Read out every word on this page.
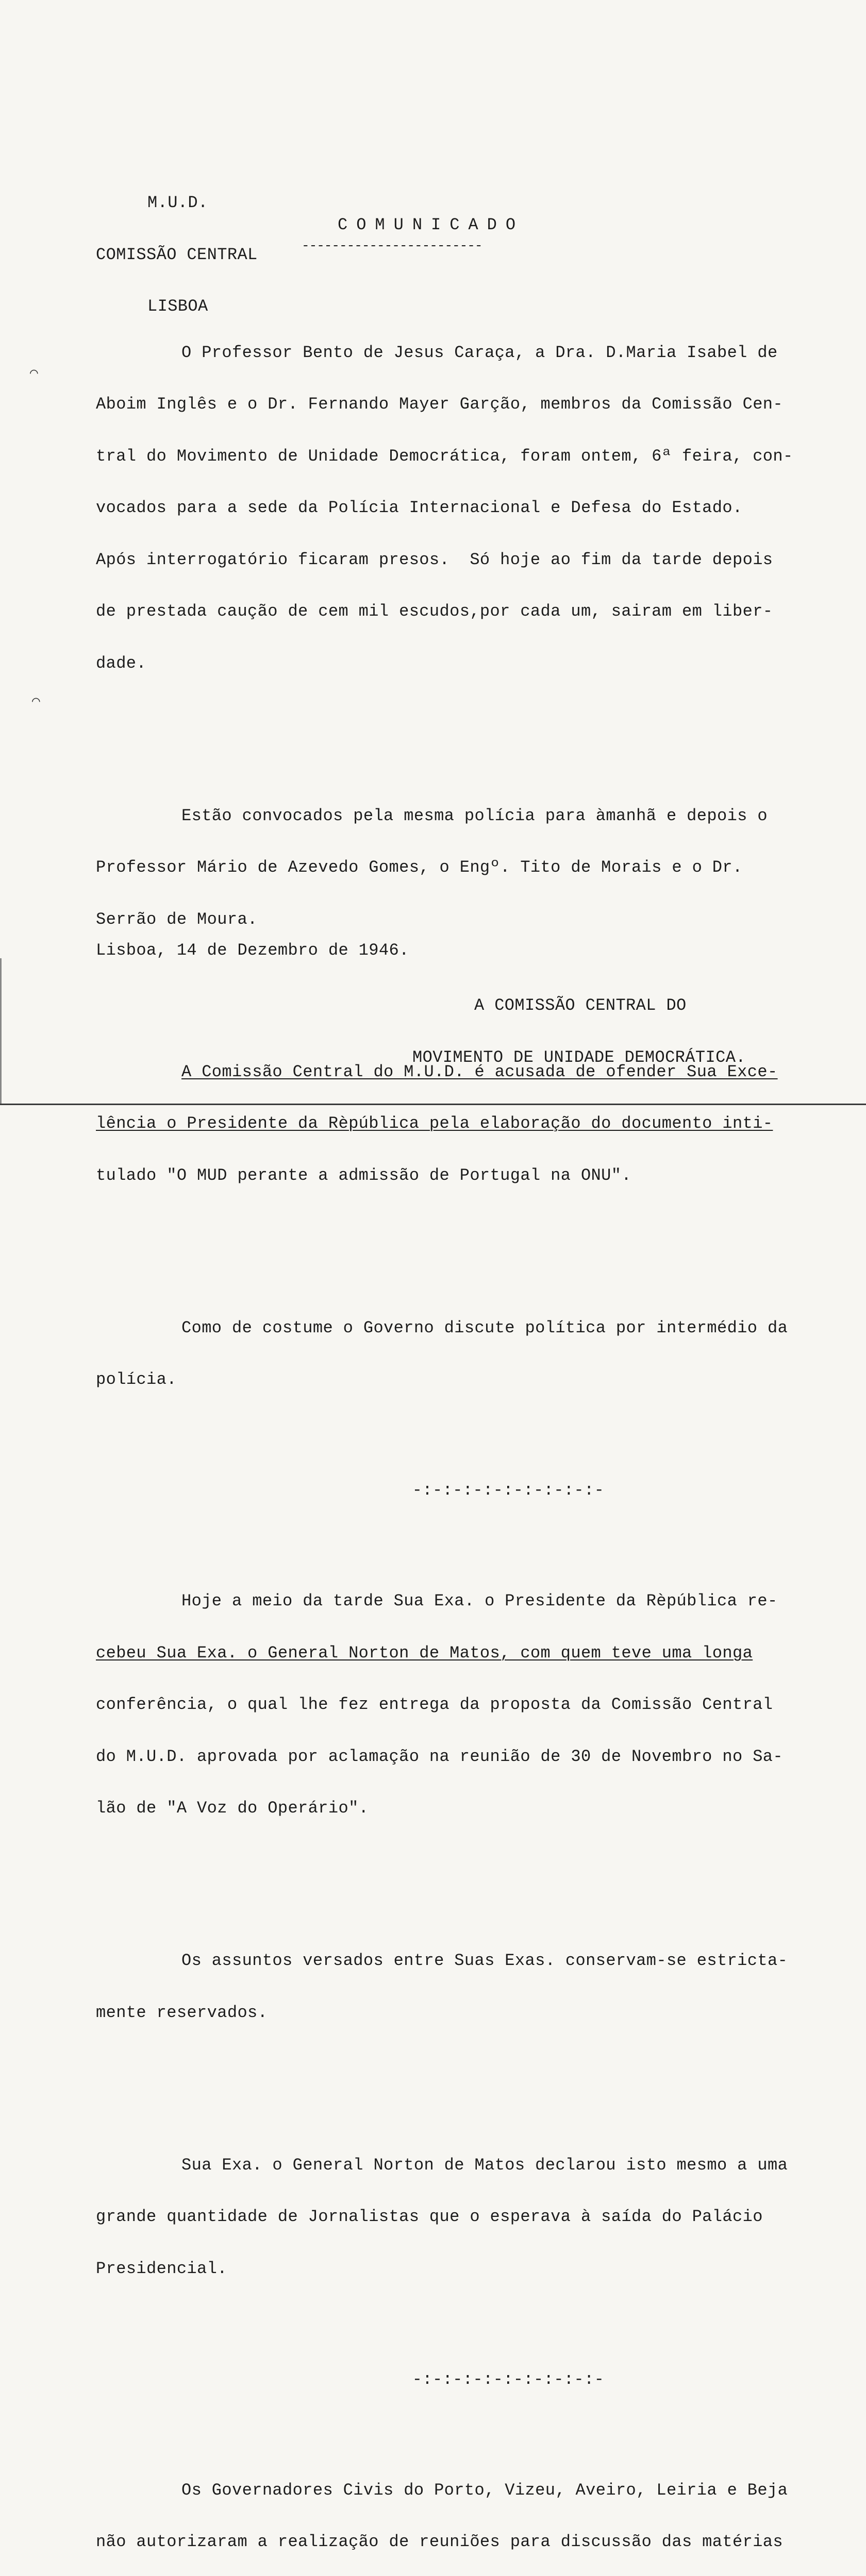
M.U.D.

COMISSÃO CENTRAL

LISBOA

COMUNICADO
------------------------

O Professor Bento de Jesus Caraça, a Dra. D.Maria Isabel de

Aboim Inglês e o Dr. Fernando Mayer Garção, membros da Comissão Cen-

tral do Movimento de Unidade Democrática, foram ontem, 6ª feira, con-

vocados para a sede da Polícia Internacional e Defesa do Estado.

Após interrogatório ficaram presos.  Só hoje ao fim da tarde depois

de prestada caução de cem mil escudos,por cada um, sairam em liber-

dade.

Estão convocados pela mesma polícia para àmanhã e depois o

Professor Mário de Azevedo Gomes, o Engº. Tito de Morais e o Dr.

Serrão de Moura.

A Comissão Central do M.U.D. é acusada de ofender Sua Exce-

lência o Presidente da Rèpública pela elaboração do documento inti-

tulado "O MUD perante a admissão de Portugal na ONU".

Como de costume o Governo discute política por intermédio da

polícia.

-:-:-:-:-:-:-:-:-:-

Hoje a meio da tarde Sua Exa. o Presidente da Rèpública re-

cebeu Sua Exa. o General Norton de Matos, com quem teve uma longa

conferência, o qual lhe fez entrega da proposta da Comissão Central

do M.U.D. aprovada por aclamação na reunião de 30 de Novembro no Sa-

lão de "A Voz do Operário".

Os assuntos versados entre Suas Exas. conservam-se estricta-

mente reservados.

Sua Exa. o General Norton de Matos declarou isto mesmo a uma

grande quantidade de Jornalistas que o esperava à saída do Palácio

Presidencial.

-:-:-:-:-:-:-:-:-:-

Os Governadores Civis do Porto, Vizeu, Aveiro, Leiria e Beja

não autorizaram a realização de reuniões para discussão das matérias

Lisboa, 14 de Dezembro de 1946.

A COMISSÃO CENTRAL DO

MOVIMENTO DE UNIDADE DEMOCRÁTICA.

⌒
⌒
